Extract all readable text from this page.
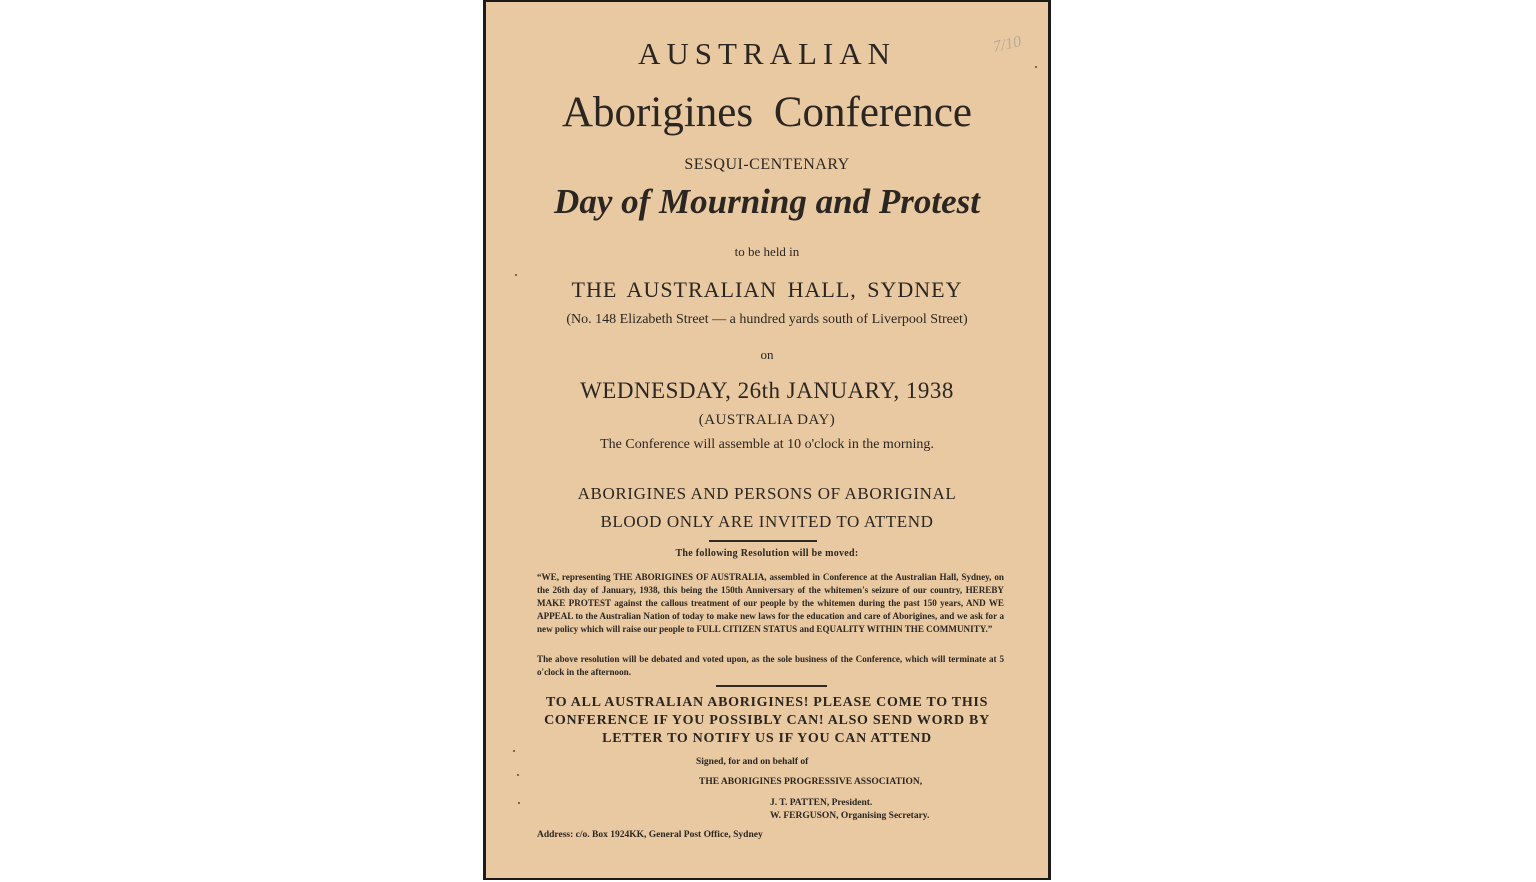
7/10
AUSTRALIAN
Aborigines Conference
SESQUI-CENTENARY
Day of Mourning and Protest
to be held in
THE AUSTRALIAN HALL, SYDNEY
(No. 148 Elizabeth Street — a hundred yards south of Liverpool Street)
on
WEDNESDAY, 26th JANUARY, 1938
(AUSTRALIA DAY)
The Conference will assemble at 10 o'clock in the morning.
ABORIGINES AND PERSONS OF ABORIGINAL BLOOD ONLY ARE INVITED TO ATTEND
The following Resolution will be moved:
“WE, representing THE ABORIGINES OF AUSTRALIA, assembled in Conference at the Australian Hall, Sydney, on the 26th day of January, 1938, this being the 150th Anniversary of the whitemen's seizure of our country, HEREBY MAKE PROTEST against the callous treatment of our people by the whitemen during the past 150 years, AND WE APPEAL to the Australian Nation of today to make new laws for the education and care of Aborigines, and we ask for a new policy which will raise our people to FULL CITIZEN STATUS and EQUALITY WITHIN THE COMMUNITY.”
The above resolution will be debated and voted upon, as the sole business of the Conference, which will terminate at 5 o'clock in the afternoon.
TO ALL AUSTRALIAN ABORIGINES! PLEASE COME TO THIS CONFERENCE IF YOU POSSIBLY CAN! ALSO SEND WORD BY LETTER TO NOTIFY US IF YOU CAN ATTEND
Signed, for and on behalf of
THE ABORIGINES PROGRESSIVE ASSOCIATION,
J. T. PATTEN, President.
W. FERGUSON, Organising Secretary.
Address: c/o. Box 1924KK, General Post Office, Sydney
